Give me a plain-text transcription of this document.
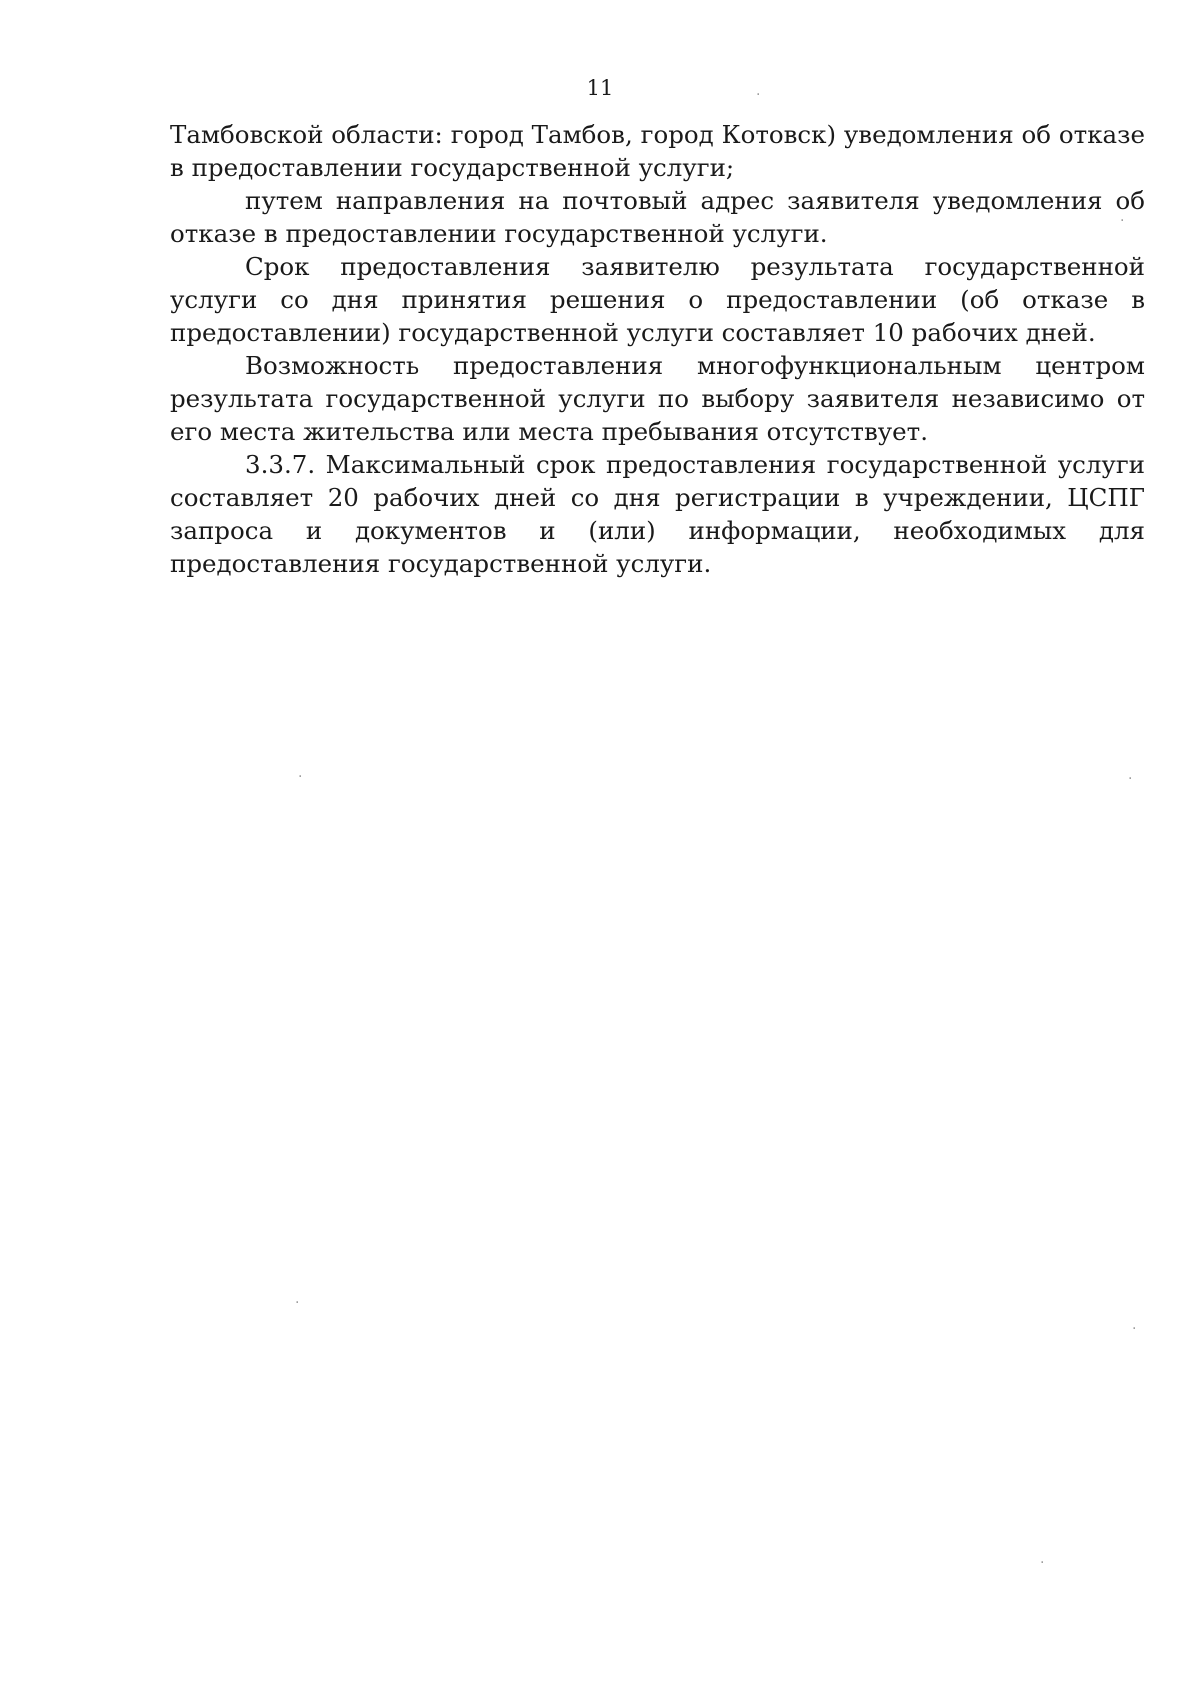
11

Тамбовской области: город Тамбов, город Котовск) уведомления об отказе в предоставлении государственной услуги;

путем направления на почтовый адрес заявителя уведомления об отказе в предоставлении государственной услуги.

Срок предоставления заявителю результата государственной услуги со дня принятия решения о предоставлении (об отказе в предоставлении) государственной услуги составляет 10 рабочих дней.

Возможность предоставления многофункциональным центром результата государственной услуги по выбору заявителя независимо от его места жительства или места пребывания отсутствует.

3.3.7. Максимальный срок предоставления государственной услуги составляет 20 рабочих дней со дня регистрации в учреждении, ЦСПГ запроса и документов и (или) информации, необходимых для предоставления государственной услуги.

·
·
·
·
·
·
·
